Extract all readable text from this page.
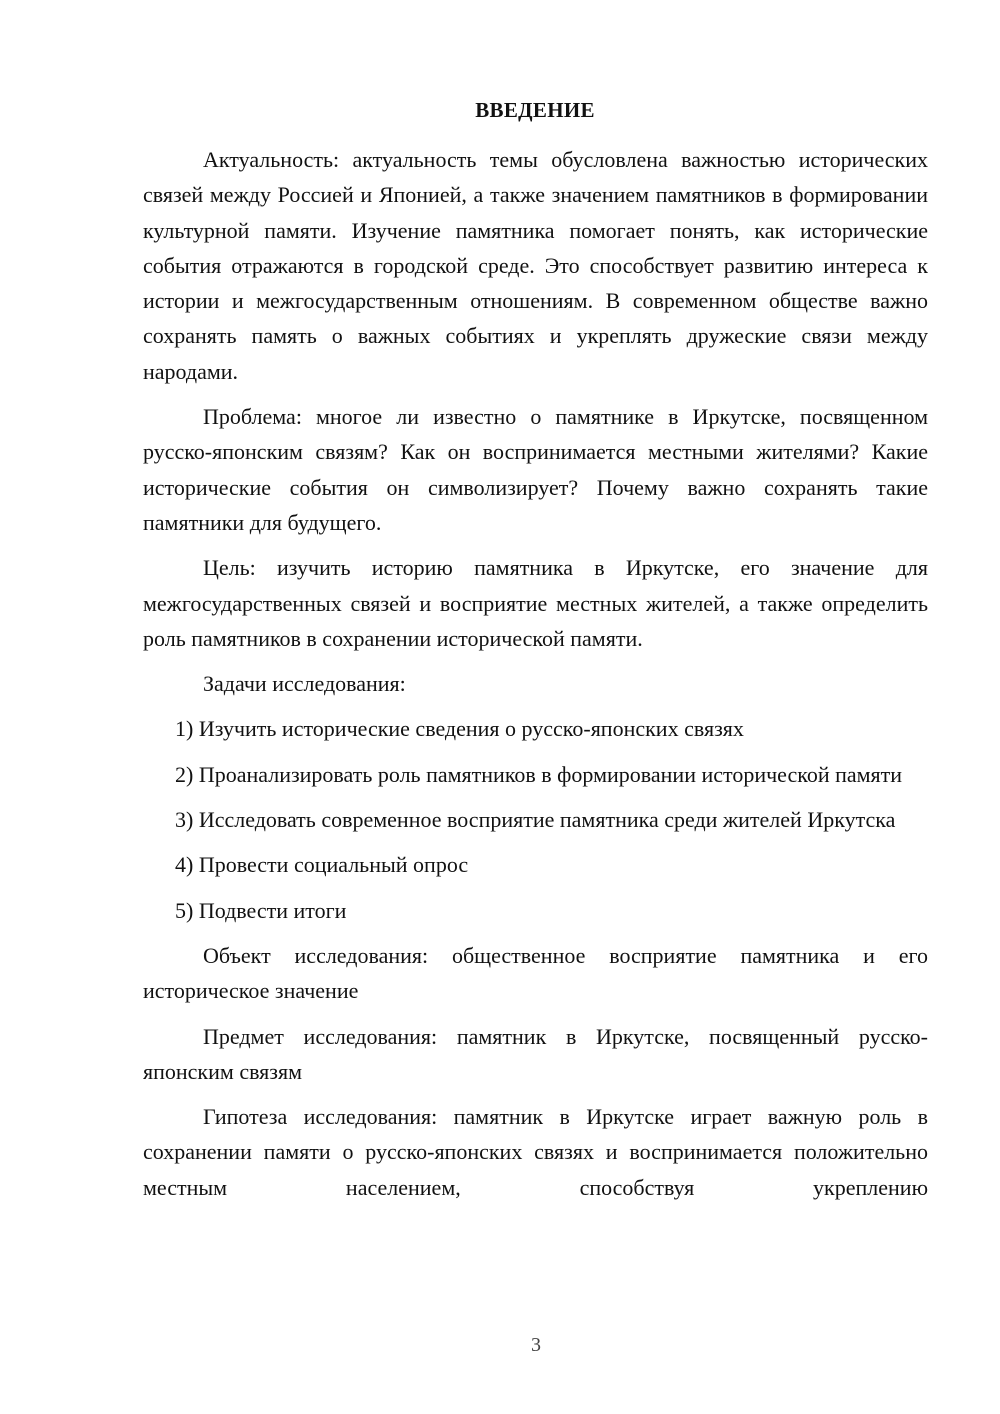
ВВЕДЕНИЕ

Актуальность: актуальность темы обусловлена важностью исторических связей между Россией и Японией, а также значением памятников в формировании культурной памяти. Изучение памятника помогает понять, как исторические события отражаются в городской среде. Это способствует развитию интереса к истории и межгосударственным отношениям. В современном обществе важно сохранять память о важных событиях и укреплять дружеские связи между народами.

Проблема: многое ли известно о памятнике в Иркутске, посвященном русско-японским связям? Как он воспринимается местными жителями? Какие исторические события он символизирует? Почему важно сохранять такие памятники для будущего.

Цель: изучить историю памятника в Иркутске, его значение для межгосударственных связей и восприятие местных жителей, а также определить роль памятников в сохранении исторической памяти.

Задачи исследования:

1) Изучить исторические сведения о русско-японских связях

2) Проанализировать роль памятников в формировании исторической памяти

3) Исследовать современное восприятие памятника среди жителей Иркутска

4) Провести социальный опрос

5) Подвести итоги

Объект исследования: общественное восприятие памятника и его историческое значение

Предмет исследования: памятник в Иркутске, посвященный русско-японским связям

Гипотеза исследования: памятник в Иркутске играет важную роль в сохранении памяти о русско-японских связях и воспринимается положительно местным населением, способствуя укреплению

3
